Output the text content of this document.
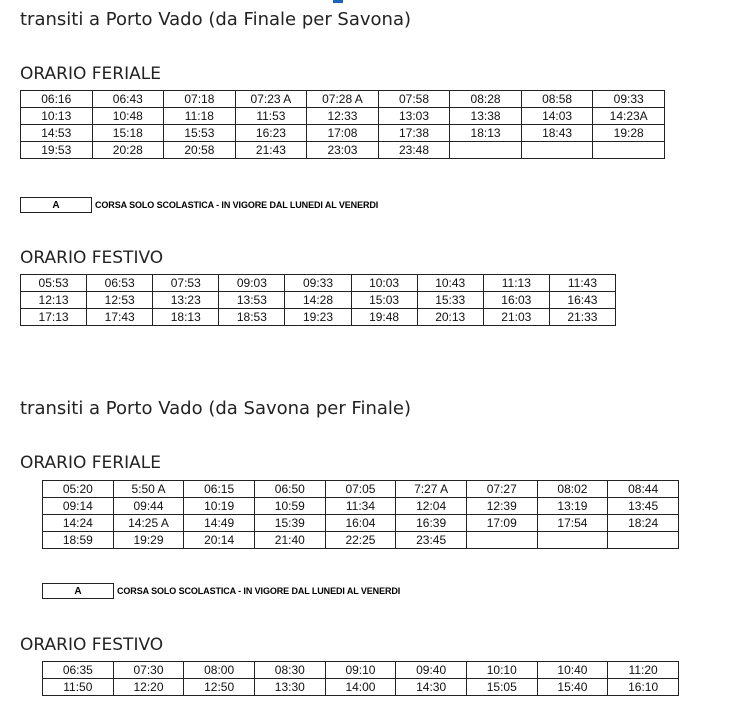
transiti a Porto Vado (da Finale per Savona)
ORARIO FERIALE
06:16	06:43	07:18	07:23 A	07:28 A	07:58	08:28	08:58	09:33
10:13	10:48	11:18	11:53	12:33	13:03	13:38	14:03	14:23A
14:53	15:18	15:53	16:23	17:08	17:38	18:13	18:43	19:28
19:53	20:28	20:58	21:43	23:03	23:48			
A	CORSA SOLO SCOLASTICA - IN VIGORE DAL LUNEDI AL VENERDI
ORARIO FESTIVO
05:53	06:53	07:53	09:03	09:33	10:03	10:43	11:13	11:43
12:13	12:53	13:23	13:53	14:28	15:03	15:33	16:03	16:43
17:13	17:43	18:13	18:53	19:23	19:48	20:13	21:03	21:33
transiti a Porto Vado (da Savona per Finale)
ORARIO FERIALE
05:20	5:50 A	06:15	06:50	07:05	7:27 A	07:27	08:02	08:44
09:14	09:44	10:19	10:59	11:34	12:04	12:39	13:19	13:45
14:24	14:25 A	14:49	15:39	16:04	16:39	17:09	17:54	18:24
18:59	19:29	20:14	21:40	22:25	23:45			
A	CORSA SOLO SCOLASTICA - IN VIGORE DAL LUNEDI AL VENERDI
ORARIO FESTIVO
06:35	07:30	08:00	08:30	09:10	09:40	10:10	10:40	11:20
11:50	12:20	12:50	13:30	14:00	14:30	15:05	15:40	16:10
